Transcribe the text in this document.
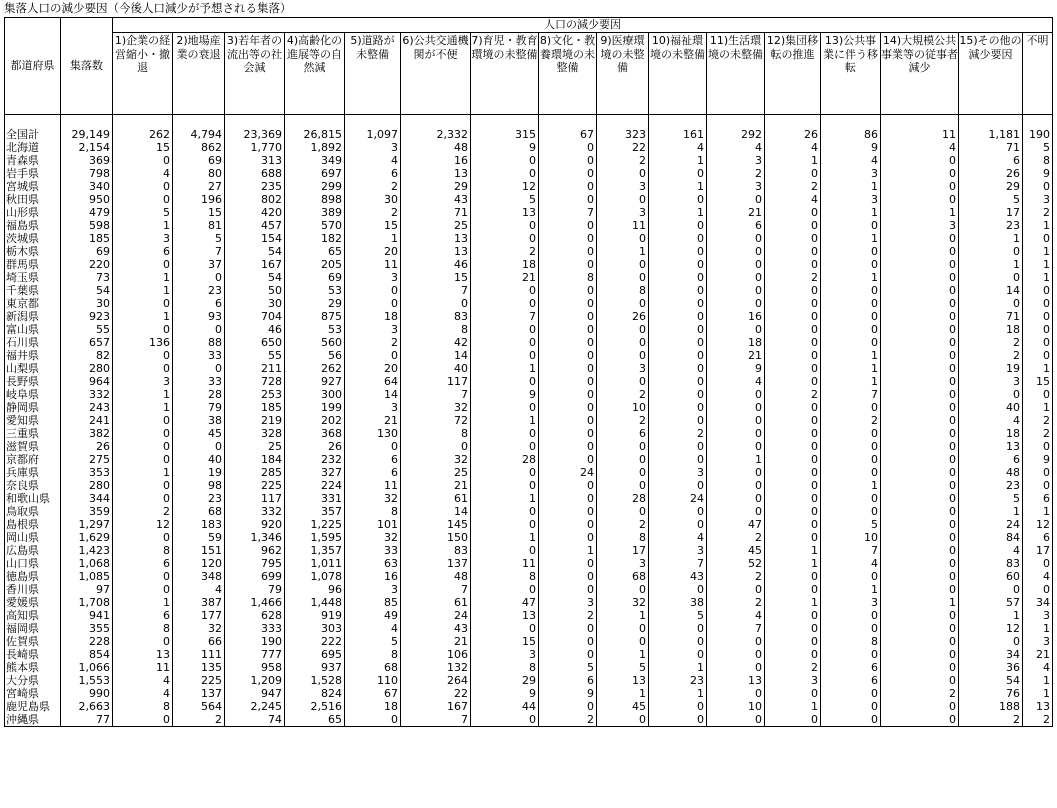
集落人口の減少要因（今後人口減少が予想される集落）
都道府県	集落数	人口の減少要因															
		1)企業の経営縮小・撤退	2)地場産業の衰退	3)若年者の流出等の社会減	4)高齢化の進展等の自然減	5)道路が未整備	6)公共交通機関が不便	7)育児・教育環境の未整備	8)文化・教養環境の未整備	9)医療環境の未整備	10)福祉環境の未整備	11)生活環境の未整備	12)集団移転の推進	13)公共事業に伴う移転	14)大規模公共事業等の従事者減少	15)その他の減少要因	不明

全国計	29,149	262	4,794	23,369	26,815	1,097	2,332	315	67	323	161	292	26	86	11	1,181	190
北海道	2,154	15	862	1,770	1,892	3	48	9	0	22	4	4	4	9	4	71	5
青森県	369	0	69	313	349	4	16	0	0	2	1	3	1	4	0	6	8
岩手県	798	4	80	688	697	6	13	0	0	0	0	2	0	3	0	26	9
宮城県	340	0	27	235	299	2	29	12	0	3	1	3	2	1	0	29	0
秋田県	950	0	196	802	898	30	43	5	0	0	0	0	4	3	0	5	3
山形県	479	5	15	420	389	2	71	13	7	3	1	21	0	1	1	17	2
福島県	598	1	81	457	570	15	25	0	0	11	0	6	0	0	3	23	1
茨城県	185	3	5	154	182	1	13	0	0	0	0	0	0	1	0	1	0
栃木県	69	6	7	54	65	20	13	2	0	1	0	0	0	0	0	0	1
群馬県	220	0	37	167	205	11	46	18	0	0	0	0	0	0	0	1	1
埼玉県	73	1	0	54	69	3	15	21	8	0	0	0	2	1	0	0	1
千葉県	54	1	23	50	53	0	7	0	0	8	0	0	0	0	0	14	0
東京都	30	0	6	30	29	0	0	0	0	0	0	0	0	0	0	0	0
新潟県	923	1	93	704	875	18	83	7	0	26	0	16	0	0	0	71	0
富山県	55	0	0	46	53	3	8	0	0	0	0	0	0	0	0	18	0
石川県	657	136	88	650	560	2	42	0	0	0	0	18	0	0	0	2	0
福井県	82	0	33	55	56	0	14	0	0	0	0	21	0	1	0	2	0
山梨県	280	0	0	211	262	20	40	1	0	3	0	9	0	1	0	19	1
長野県	964	3	33	728	927	64	117	0	0	0	0	4	0	1	0	3	15
岐阜県	332	1	28	253	300	14	7	9	0	2	0	0	2	7	0	0	0
静岡県	243	1	79	185	199	3	32	0	0	10	0	0	0	0	0	40	1
愛知県	241	0	38	219	202	21	72	1	0	2	0	0	0	2	0	4	2
三重県	382	0	45	328	368	130	8	0	0	6	2	0	0	0	0	18	2
滋賀県	26	0	0	25	26	0	0	0	0	0	0	0	0	0	0	13	0
京都府	275	0	40	184	232	6	32	28	0	0	0	1	0	0	0	6	9
兵庫県	353	1	19	285	327	6	25	0	24	0	3	0	0	0	0	48	0
奈良県	280	0	98	225	224	11	21	0	0	0	0	0	0	1	0	23	0
和歌山県	344	0	23	117	331	32	61	1	0	28	24	0	0	0	0	5	6
鳥取県	359	2	68	332	357	8	14	0	0	0	0	0	0	0	0	1	1
島根県	1,297	12	183	920	1,225	101	145	0	0	2	0	47	0	5	0	24	12
岡山県	1,629	0	59	1,346	1,595	32	150	1	0	8	4	2	0	10	0	84	6
広島県	1,423	8	151	962	1,357	33	83	0	1	17	3	45	1	7	0	4	17
山口県	1,068	6	120	795	1,011	63	137	11	0	3	7	52	1	4	0	83	0
徳島県	1,085	0	348	699	1,078	16	48	8	0	68	43	2	0	0	0	60	4
香川県	97	0	4	79	96	3	7	0	0	0	0	0	0	1	0	0	0
愛媛県	1,708	1	387	1,466	1,448	85	61	47	3	32	38	2	1	3	1	57	34
高知県	941	6	177	628	919	49	24	13	2	1	5	4	0	0	0	1	3
福岡県	355	8	32	333	303	4	43	0	0	0	0	7	0	0	0	12	1
佐賀県	228	0	66	190	222	5	21	15	0	0	0	0	0	8	0	0	3
長崎県	854	13	111	777	695	8	106	3	0	1	0	0	0	0	0	34	21
熊本県	1,066	11	135	958	937	68	132	8	5	5	1	0	2	6	0	36	4
大分県	1,553	4	225	1,209	1,528	110	264	29	6	13	23	13	3	6	0	54	1
宮崎県	990	4	137	947	824	67	22	9	9	1	1	0	0	0	2	76	1
鹿児島県	2,663	8	564	2,245	2,516	18	167	44	0	45	0	10	1	0	0	188	13
沖縄県	77	0	2	74	65	0	7	0	2	0	0	0	0	0	0	2	2
